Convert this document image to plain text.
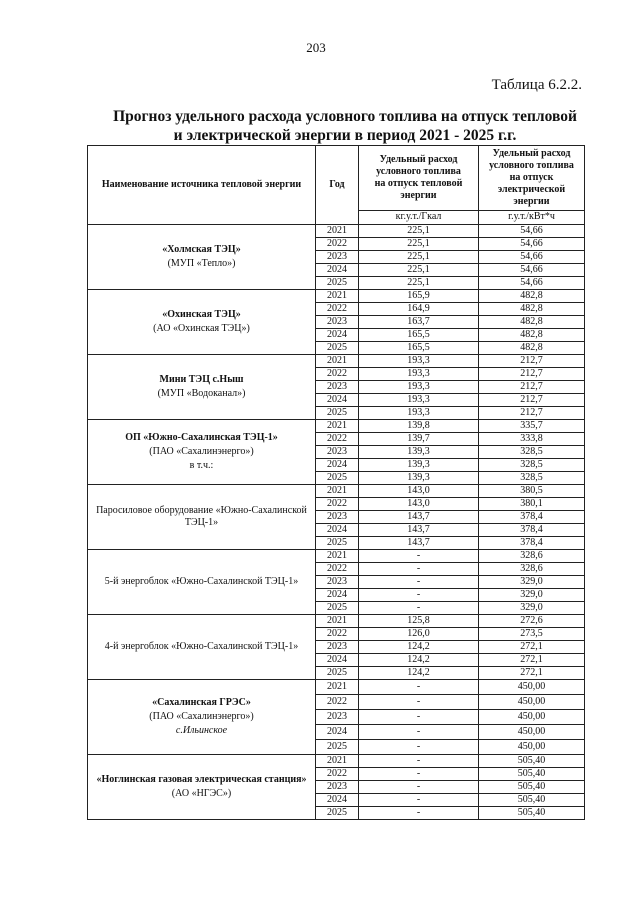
203
Таблица 6.2.2.
Прогноз удельного расхода условного топлива на отпуск тепловой
и электрической энергии в период 2021 - 2025 г.г.
Наименование источника тепловой энергии	Год	Удельный расход условного топлива на отпуск тепловой энергии	Удельный расход условного топлива на отпуск электрической энергии
		кг.у.т./Гкал	г.у.т./кВт*ч

«Холмская ТЭЦ»
(МУП «Тепло»)	2021	225,1	54,66
	2022	225,1	54,66
	2023	225,1	54,66
	2024	225,1	54,66
	2025	225,1	54,66

«Охинская ТЭЦ»
(АО «Охинская ТЭЦ»)	2021	165,9	482,8
	2022	164,9	482,8
	2023	163,7	482,8
	2024	165,5	482,8
	2025	165,5	482,8

Мини ТЭЦ с.Ныш
(МУП «Водоканал»)	2021	193,3	212,7
	2022	193,3	212,7
	2023	193,3	212,7
	2024	193,3	212,7
	2025	193,3	212,7

ОП «Южно-Сахалинская ТЭЦ-1»
(ПАО «Сахалинэнерго»)
в т.ч.:	2021	139,8	335,7
	2022	139,7	333,8
	2023	139,3	328,5
	2024	139,3	328,5
	2025	139,3	328,5

Паросиловое оборудование «Южно-Сахалинской ТЭЦ-1»	2021	143,0	380,5
	2022	143,0	380,1
	2023	143,7	378,4
	2024	143,7	378,4
	2025	143,7	378,4

5-й энергоблок «Южно-Сахалинской ТЭЦ-1»	2021	-	328,6
	2022	-	328,6
	2023	-	329,0
	2024	-	329,0
	2025	-	329,0

4-й энергоблок «Южно-Сахалинской ТЭЦ-1»	2021	125,8	272,6
	2022	126,0	273,5
	2023	124,2	272,1
	2024	124,2	272,1
	2025	124,2	272,1

«Сахалинская ГРЭС»
(ПАО «Сахалинэнерго»)
с.Ильинское	2021	-	450,00
	2022	-	450,00
	2023	-	450,00
	2024	-	450,00
	2025	-	450,00

«Ноглинская газовая электрическая станция»
(АО «НГЭС»)	2021	-	505,40
	2022	-	505,40
	2023	-	505,40
	2024	-	505,40
	2025	-	505,40
